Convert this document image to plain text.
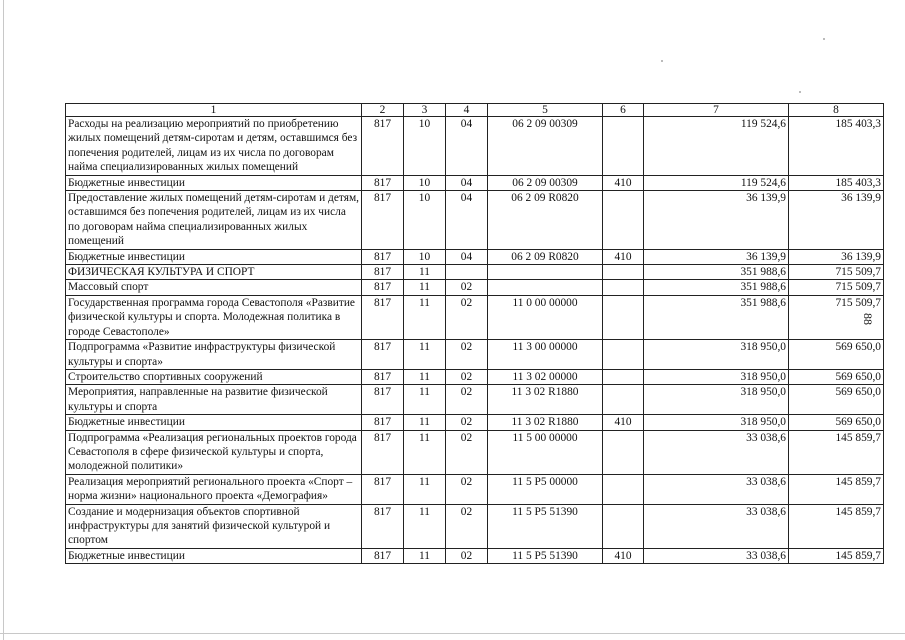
1	2	3	4	5	6	7	8
Расходы на реализацию мероприятий по приобретению жилых помещений детям-сиротам и детям, оставшимся без попечения родителей, лицам из их числа по договорам найма специализированных жилых помещений	817	10	04	06 2 09 00309		119 524,6	185 403,3
Бюджетные инвестиции	817	10	04	06 2 09 00309	410	119 524,6	185 403,3
Предоставление жилых помещений детям-сиротам и детям, оставшимся без попечения родителей, лицам из их числа по договорам найма специализированных жилых помещений	817	10	04	06 2 09 R0820		36 139,9	36 139,9
Бюджетные инвестиции	817	10	04	06 2 09 R0820	410	36 139,9	36 139,9
ФИЗИЧЕСКАЯ КУЛЬТУРА И СПОРТ	817	11				351 988,6	715 509,7
Массовый спорт	817	11	02			351 988,6	715 509,7
Государственная программа города Севастополя «Развитие физической культуры и спорта. Молодежная политика в городе Севастополе»	817	11	02	11 0 00 00000		351 988,6	715 509,7
Подпрограмма «Развитие инфраструктуры физической культуры и спорта»	817	11	02	11 3 00 00000		318 950,0	569 650,0
Строительство спортивных сооружений	817	11	02	11 3 02 00000		318 950,0	569 650,0
Мероприятия, направленные на развитие физической культуры и спорта	817	11	02	11 3 02 R1880		318 950,0	569 650,0
Бюджетные инвестиции	817	11	02	11 3 02 R1880	410	318 950,0	569 650,0
Подпрограмма «Реализация региональных проектов города Севастополя в сфере физической культуры и спорта, молодежной политики»	817	11	02	11 5 00 00000		33 038,6	145 859,7
Реализация мероприятий регионального проекта «Спорт – норма жизни» национального проекта «Демография»	817	11	02	11 5 P5 00000		33 038,6	145 859,7
Создание и модернизация объектов спортивной инфраструктуры для занятий физической культурой и спортом	817	11	02	11 5 P5 51390		33 038,6	145 859,7
Бюджетные инвестиции	817	11	02	11 5 P5 51390	410	33 038,6	145 859,7
88
